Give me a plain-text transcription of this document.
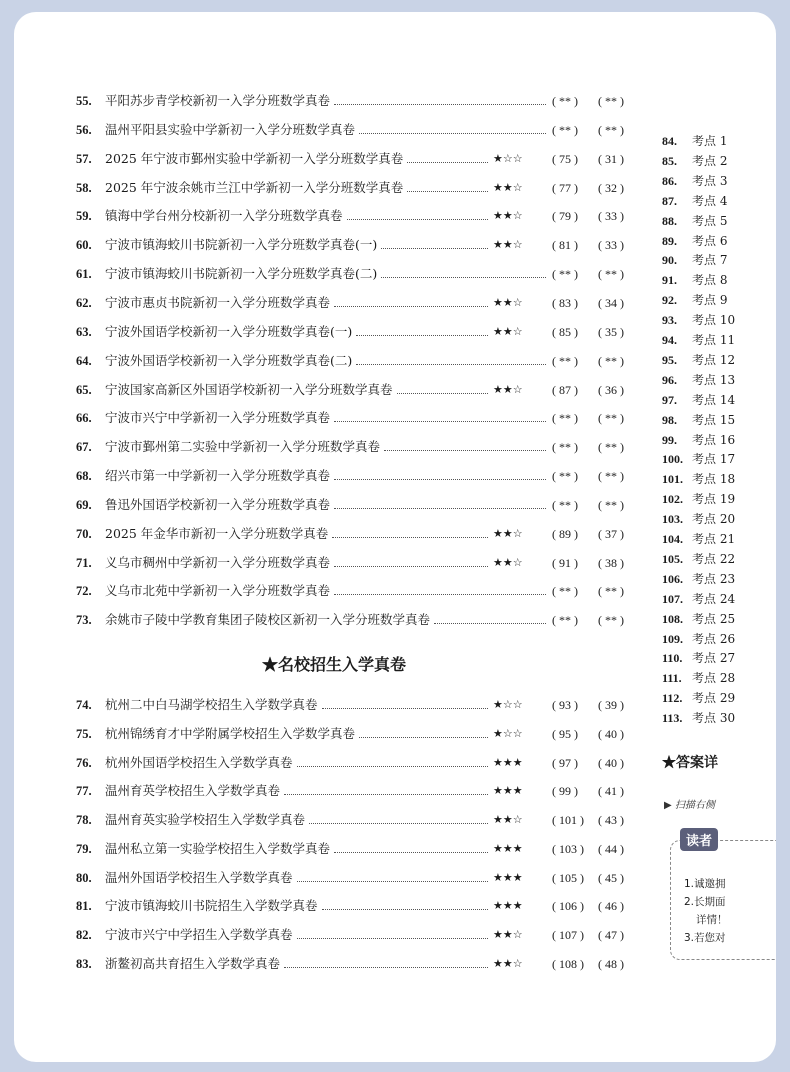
55.	平阳苏步青学校新初一入学分班数学真卷	( ** ) ( ** )
56.	温州平阳县实验中学新初一入学分班数学真卷	( ** ) ( ** )
57.	2025 年宁波市鄞州实验中学新初一入学分班数学真卷	★☆☆	( 75 ) ( 31 )
58.	2025 年宁波余姚市兰江中学新初一入学分班数学真卷	★★☆	( 77 ) ( 32 )
59.	镇海中学台州分校新初一入学分班数学真卷	★★☆	( 79 ) ( 33 )
60.	宁波市镇海蛟川书院新初一入学分班数学真卷(一)	★★☆	( 81 ) ( 33 )
61.	宁波市镇海蛟川书院新初一入学分班数学真卷(二)	( ** ) ( ** )
62.	宁波市惠贞书院新初一入学分班数学真卷	★★☆	( 83 ) ( 34 )
63.	宁波外国语学校新初一入学分班数学真卷(一)	★★☆	( 85 ) ( 35 )
64.	宁波外国语学校新初一入学分班数学真卷(二)	( ** ) ( ** )
65.	宁波国家高新区外国语学校新初一入学分班数学真卷	★★☆	( 87 ) ( 36 )
66.	宁波市兴宁中学新初一入学分班数学真卷	( ** ) ( ** )
67.	宁波市鄞州第二实验中学新初一入学分班数学真卷	( ** ) ( ** )
68.	绍兴市第一中学新初一入学分班数学真卷	( ** ) ( ** )
69.	鲁迅外国语学校新初一入学分班数学真卷	( ** ) ( ** )
70.	2025 年金华市新初一入学分班数学真卷	★★☆	( 89 ) ( 37 )
71.	义乌市稠州中学新初一入学分班数学真卷	★★☆	( 91 ) ( 38 )
72.	义乌市北苑中学新初一入学分班数学真卷	( ** ) ( ** )
73.	余姚市子陵中学教育集团子陵校区新初一入学分班数学真卷	( ** ) ( ** )
74.	杭州二中白马湖学校招生入学数学真卷	★☆☆	( 93 ) ( 39 )
75.	杭州锦绣育才中学附属学校招生入学数学真卷	★☆☆	( 95 ) ( 40 )
76.	杭州外国语学校招生入学数学真卷	★★★	( 97 ) ( 40 )
77.	温州育英学校招生入学数学真卷	★★★	( 99 ) ( 41 )
78.	温州育英实验学校招生入学数学真卷	★★☆	( 101 ) ( 43 )
79.	温州私立第一实验学校招生入学数学真卷	★★★	( 103 ) ( 44 )
80.	温州外国语学校招生入学数学真卷	★★★	( 105 ) ( 45 )
81.	宁波市镇海蛟川书院招生入学数学真卷	★★★	( 106 ) ( 46 )
82.	宁波市兴宁中学招生入学数学真卷	★★☆	( 107 ) ( 47 )
83.	浙鳌初高共育招生入学数学真卷	★★☆	( 108 ) ( 48 )
★名校招生入学真卷
★答案详
▶ 扫描右侧
读者
1.诚邀拥
2.长期面
详情！
3.若您对
84. 考点 1
85. 考点 2
86. 考点 3
87. 考点 4
88. 考点 5
89. 考点 6
90. 考点 7
91. 考点 8
92. 考点 9
93. 考点 10
94. 考点 11
95. 考点 12
96. 考点 13
97. 考点 14
98. 考点 15
99. 考点 16
100. 考点 17
101. 考点 18
102. 考点 19
103. 考点 20
104. 考点 21
105. 考点 22
106. 考点 23
107. 考点 24
108. 考点 25
109. 考点 26
110. 考点 27
111. 考点 28
112. 考点 29
113. 考点 30
